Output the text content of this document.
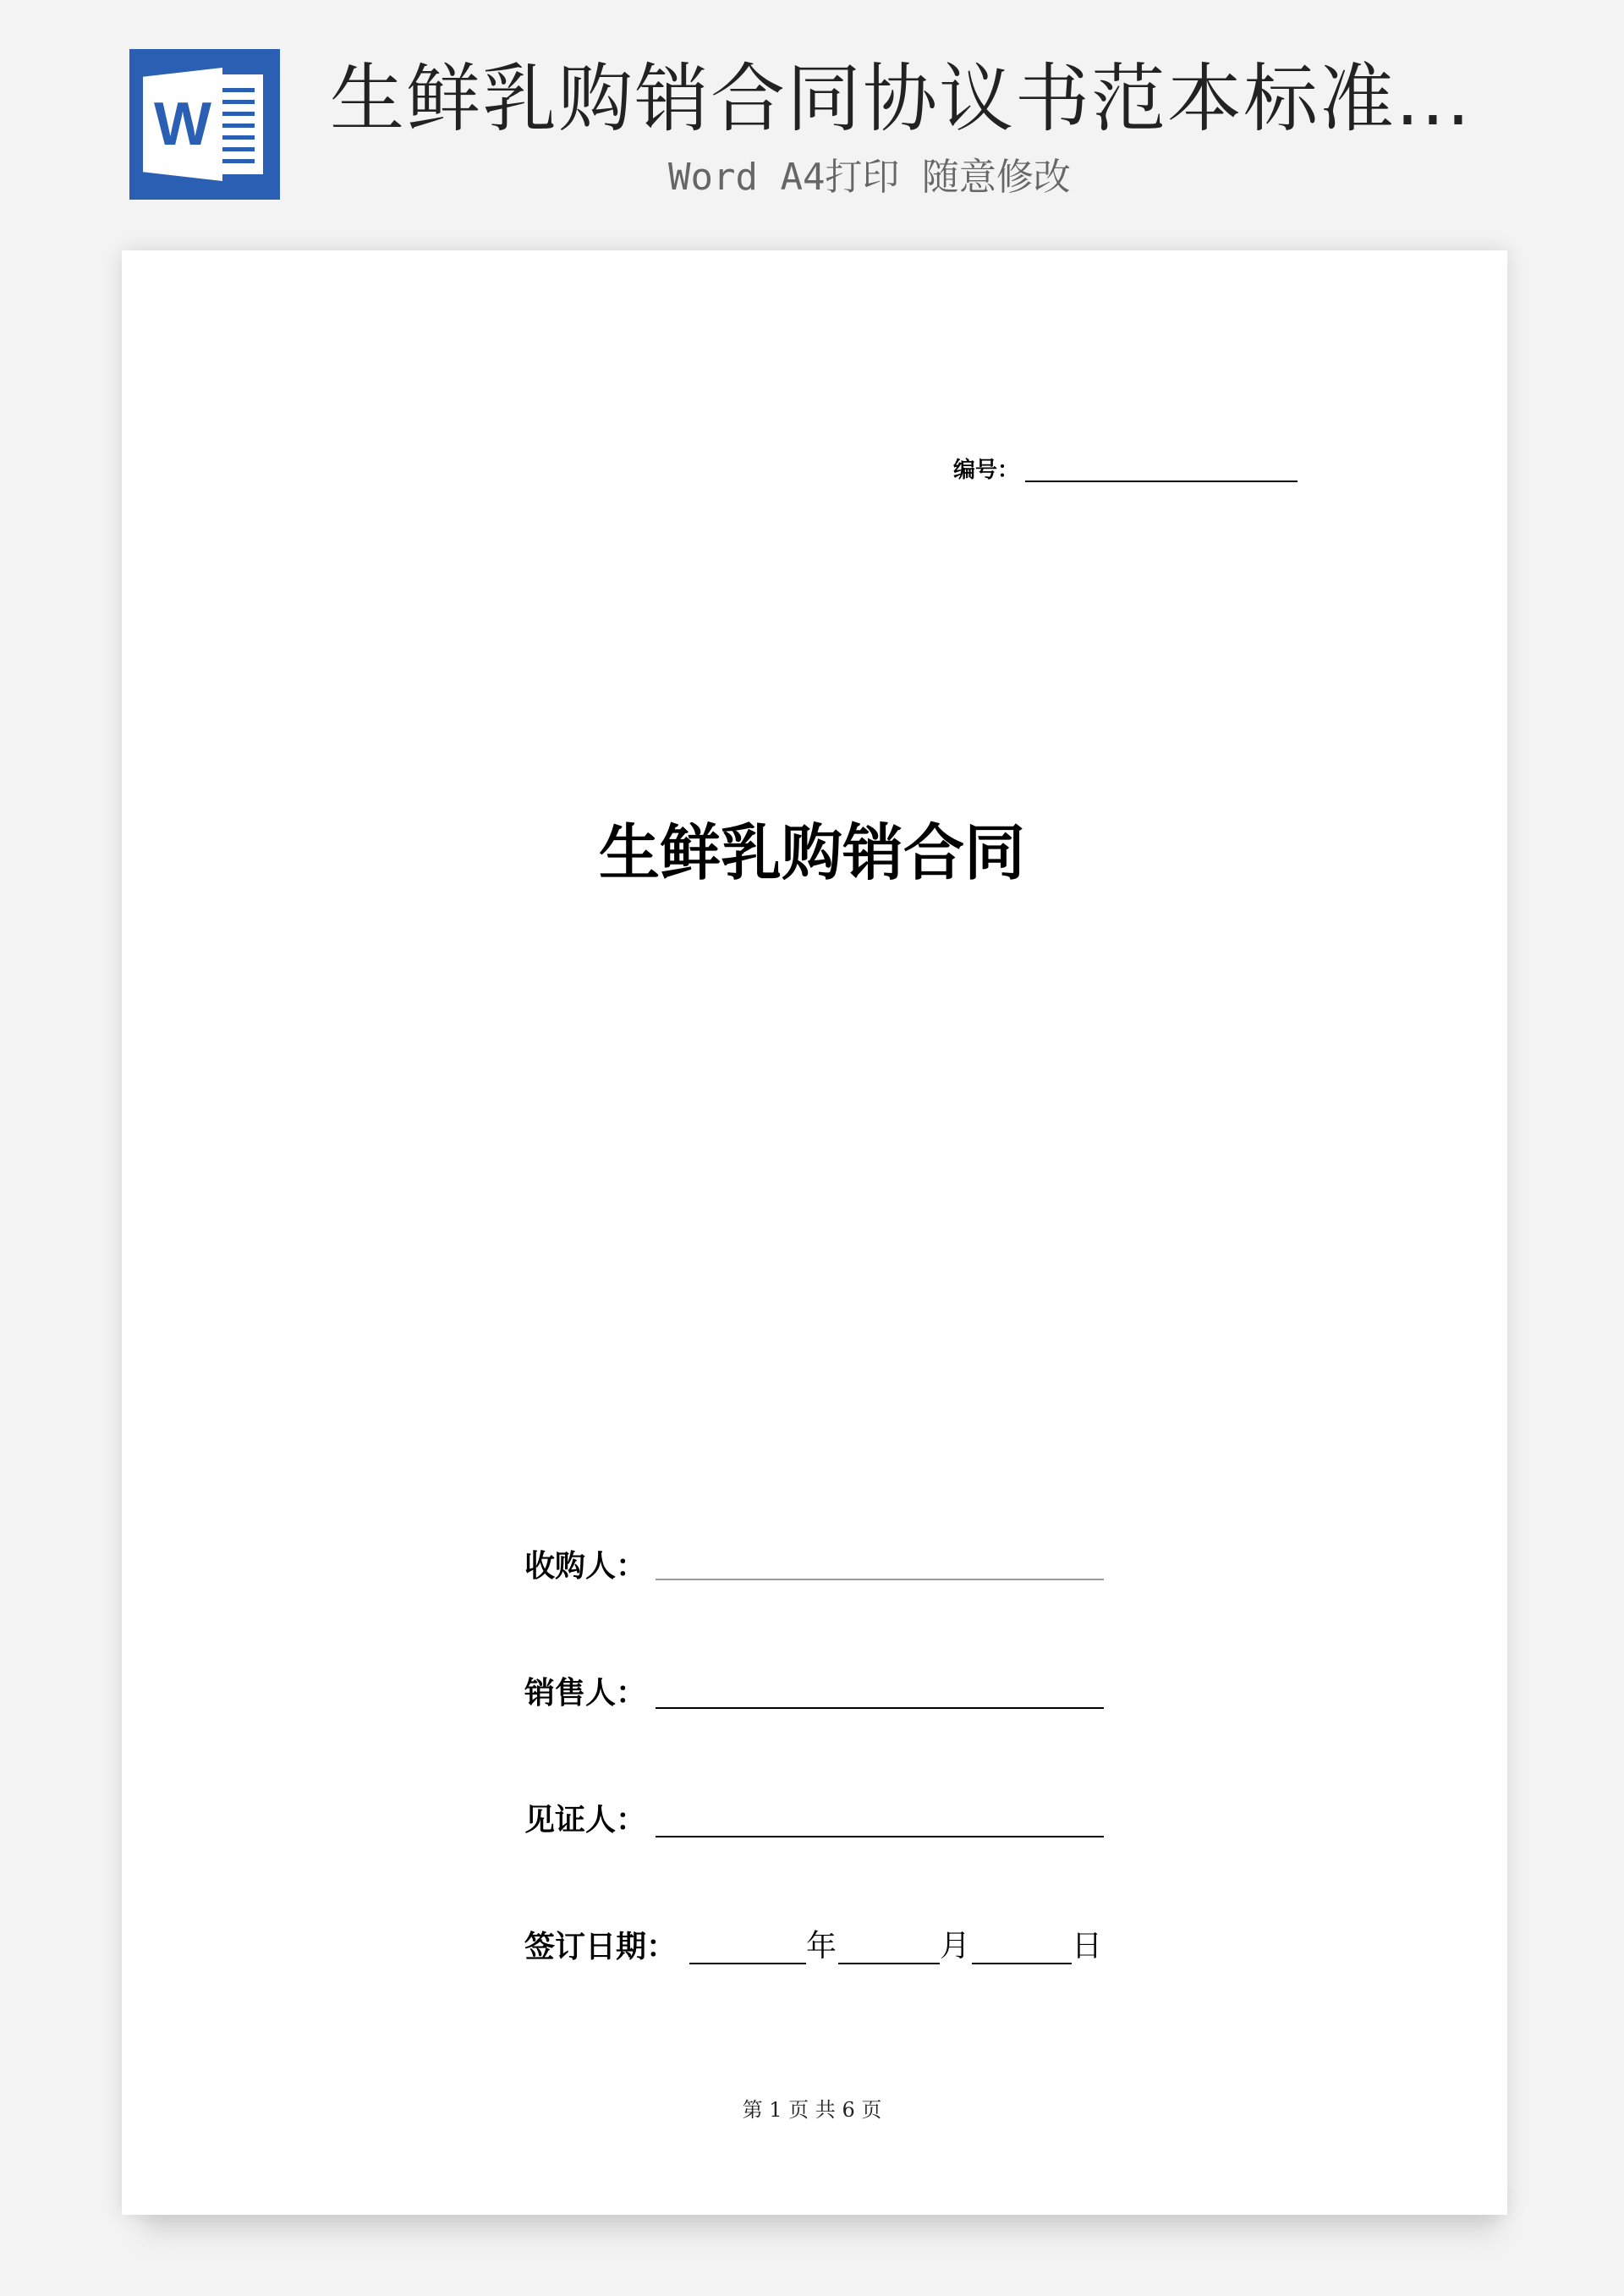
W 生鲜乳购销合同协议书范本标准...
Word A4打印 随意修改
编号：
生鲜乳购销合同
收购人：
销售人：
见证人：
签订日期：	年	月	日
第 1 页 共 6 页
